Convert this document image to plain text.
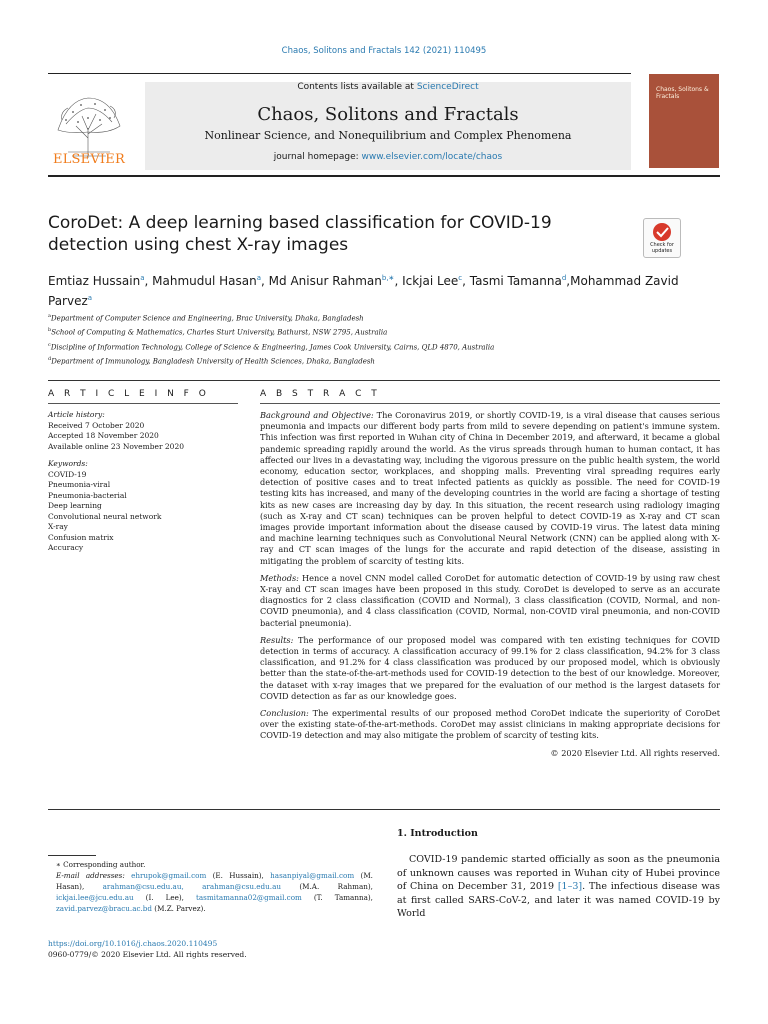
Chaos, Solitons and Fractals 142 (2021) 110495
ELSEVIER
Contents lists available at ScienceDirect
Chaos, Solitons and Fractals
Nonlinear Science, and Nonequilibrium and Complex Phenomena
journal homepage: www.elsevier.com/locate/chaos
Chaos, Solitons & Fractals
CoroDet: A deep learning based classification for COVID-19 detection using chest X-ray images	Check for updates
Emtiaz Hussain$^a$, Mahmudul Hasan$^a$, Md Anisur Rahman$^{b,∗}$, Ickjai Lee$^c$, Tasmi Tamanna$^d$,Mohammad Zavid Parvez$^a$
$^a$Department of Computer Science and Engineering, Brac University, Dhaka, Bangladesh
$^b$School of Computing & Mathematics, Charles Sturt University, Bathurst, NSW 2795, Australia
$^c$Discipline of Information Technology, College of Science & Engineering, James Cook University, Cairns, QLD 4870, Australia
$^d$Department of Immunology, Bangladesh University of Health Sciences, Dhaka, Bangladesh
A R T I C L E I N F O	A B S T R A C T
Article history:
Received 7 October 2020
Accepted 18 November 2020
Available online 23 November 2020
Keywords:
COVID-19
Pneumonia-viral
Pneumonia-bacterial
Deep learning
Convolutional neural network
X-ray
Confusion matrix
Accuracy

Background and Objective: The Coronavirus 2019, or shortly COVID-19, is a viral disease that causes serious pneumonia and impacts our different body parts from mild to severe depending on patient's immune system. This infection was first reported in Wuhan city of China in December 2019, and afterward, it became a global pandemic spreading rapidly around the world. As the virus spreads through human to human contact, it has affected our lives in a devastating way, including the vigorous pressure on the public health system, the world economy, education sector, workplaces, and shopping malls. Preventing viral spreading requires early detection of positive cases and to treat infected patients as quickly as possible. The need for COVID-19 testing kits has increased, and many of the developing countries in the world are facing a shortage of testing kits as new cases are increasing day by day. In this situation, the recent research using radiology imaging (such as X-ray and CT scan) techniques can be proven helpful to detect COVID-19 as X-ray and CT scan images provide important information about the disease caused by COVID-19 virus. The latest data mining and machine learning techniques such as Convolutional Neural Network (CNN) can be applied along with X-ray and CT scan images of the lungs for the accurate and rapid detection of the disease, assisting in mitigating the problem of scarcity of testing kits.

Methods: Hence a novel CNN model called CoroDet for automatic detection of COVID-19 by using raw chest X-ray and CT scan images have been proposed in this study. CoroDet is developed to serve as an accurate diagnostics for 2 class classification (COVID and Normal), 3 class classification (COVID, Normal, and non-COVID pneumonia), and 4 class classification (COVID, Normal, non-COVID viral pneumonia, and non-COVID bacterial pneumonia).

Results: The performance of our proposed model was compared with ten existing techniques for COVID detection in terms of accuracy. A classification accuracy of 99.1% for 2 class classification, 94.2% for 3 class classification, and 91.2% for 4 class classification was produced by our proposed model, which is obviously better than the state-of-the-art-methods used for COVID-19 detection to the best of our knowledge. Moreover, the dataset with x-ray images that we prepared for the evaluation of our method is the largest datasets for COVID detection as far as our knowledge goes.

Conclusion: The experimental results of our proposed method CoroDet indicate the superiority of CoroDet over the existing state-of-the-art-methods. CoroDet may assist clinicians in making appropriate decisions for COVID-19 detection and may also mitigate the problem of scarcity of testing kits.

© 2020 Elsevier Ltd. All rights reserved.
1. Introduction
COVID-19 pandemic started officially as soon as the pneumonia of unknown causes was reported in Wuhan city of Hubei province of China on December 31, 2019 [1–3]. The infectious disease was at first called SARS-CoV-2, and later it was named COVID-19 by World
∗ Corresponding author.
E-mail addresses: ehrupok@gmail.com (E. Hussain), hasanpiyal@gmail.com (M. Hasan),	arahman@csu.edu.au,	arahman@csu.edu.au	(M.A. Rahman), ickjai.lee@jcu.edu.au (I. Lee), tasmitamanna02@gmail.com (T. Tamanna), zavid.parvez@bracu.ac.bd (M.Z. Parvez).
https://doi.org/10.1016/j.chaos.2020.110495
0960-0779/© 2020 Elsevier Ltd. All rights reserved.
